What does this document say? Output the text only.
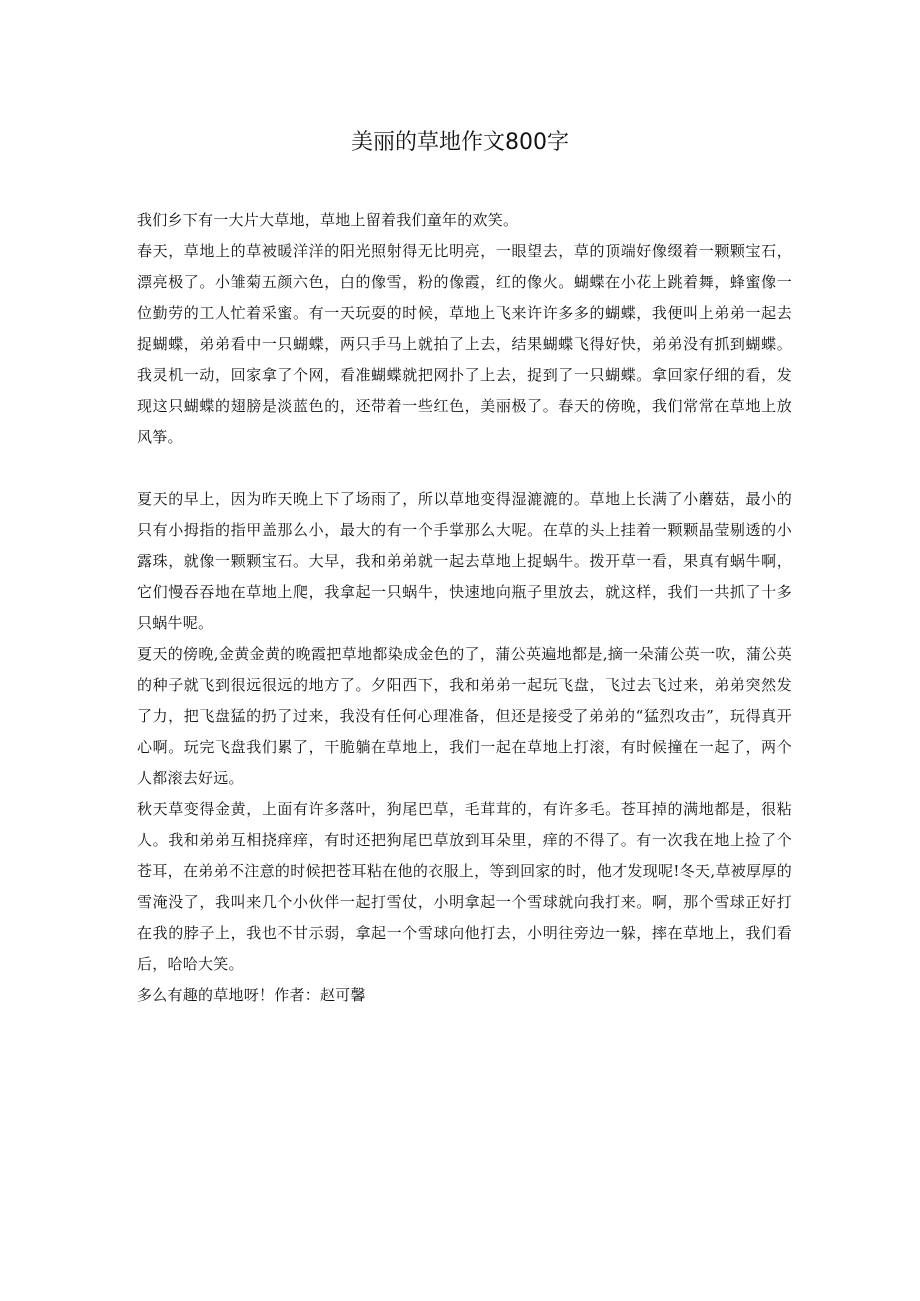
美丽的草地作文800字

我们乡下有一大片大草地，草地上留着我们童年的欢笑。

春天，草地上的草被暖洋洋的阳光照射得无比明亮，一眼望去，草的顶端好像缀着一颗颗宝石，漂亮极了。小雏菊五颜六色，白的像雪，粉的像霞，红的像火。蝴蝶在小花上跳着舞，蜂蜜像一位勤劳的工人忙着采蜜。有一天玩耍的时候，草地上飞来许许多多的蝴蝶，我便叫上弟弟一起去捉蝴蝶，弟弟看中一只蝴蝶，两只手马上就拍了上去，结果蝴蝶飞得好快，弟弟没有抓到蝴蝶。我灵机一动，回家拿了个网，看准蝴蝶就把网扑了上去，捉到了一只蝴蝶。拿回家仔细的看，发现这只蝴蝶的翅膀是淡蓝色的，还带着一些红色，美丽极了。春天的傍晚，我们常常在草地上放风筝。

夏天的早上，因为昨天晚上下了场雨了，所以草地变得湿漉漉的。草地上长满了小蘑菇，最小的只有小拇指的指甲盖那么小，最大的有一个手掌那么大呢。在草的头上挂着一颗颗晶莹剔透的小露珠，就像一颗颗宝石。大早，我和弟弟就一起去草地上捉蜗牛。拨开草一看，果真有蜗牛啊，它们慢吞吞地在草地上爬，我拿起一只蜗牛，快速地向瓶子里放去，就这样，我们一共抓了十多只蜗牛呢。

夏天的傍晚,金黄金黄的晚霞把草地都染成金色的了，蒲公英遍地都是,摘一朵蒲公英一吹，蒲公英的种子就飞到很远很远的地方了。夕阳西下，我和弟弟一起玩飞盘，飞过去飞过来，弟弟突然发了力，把飞盘猛的扔了过来，我没有任何心理准备，但还是接受了弟弟的“猛烈攻击”，玩得真开心啊。玩完飞盘我们累了，干脆躺在草地上，我们一起在草地上打滚，有时候撞在一起了，两个人都滚去好远。

秋天草变得金黄，上面有许多落叶，狗尾巴草，毛茸茸的，有许多毛。苍耳掉的满地都是，很粘人。我和弟弟互相挠痒痒，有时还把狗尾巴草放到耳朵里，痒的不得了。有一次我在地上捡了个苍耳，在弟弟不注意的时候把苍耳粘在他的衣服上，等到回家的时，他才发现呢!冬天,草被厚厚的雪淹没了，我叫来几个小伙伴一起打雪仗，小明拿起一个雪球就向我打来。啊，那个雪球正好打在我的脖子上，我也不甘示弱，拿起一个雪球向他打去，小明往旁边一躲，摔在草地上，我们看后，哈哈大笑。

多么有趣的草地呀！作者：赵可馨
